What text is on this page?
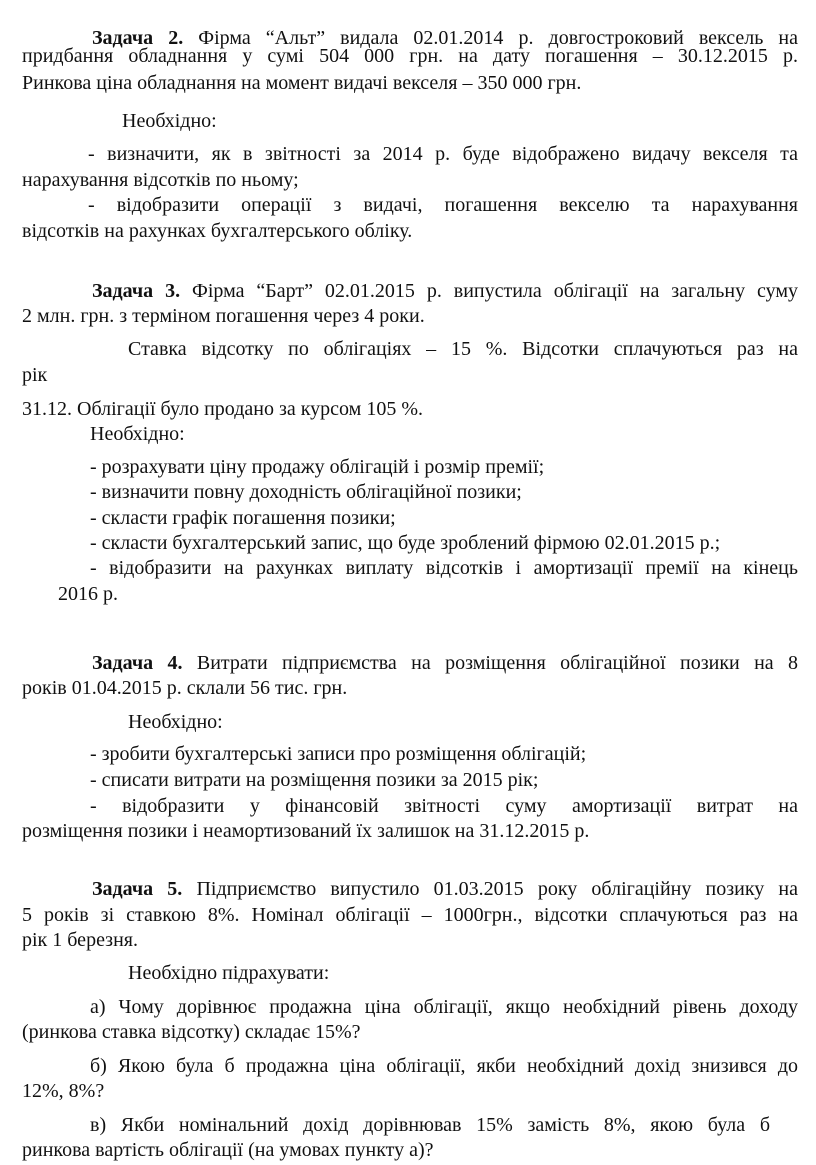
Задача 2. Фірма “Альт” видала 02.01.2014 р. довгостроковий вексель на
придбання обладнання у сумі 504 000 грн. на дату погашення – 30.12.2015 р.
Ринкова ціна обладнання на момент видачі векселя – 350 000 грн.
Необхідно:
- визначити, як в звітності за 2014 р. буде відображено видачу векселя та
нарахування відсотків по ньому;
- відобразити операції з видачі, погашення векселю та нарахування
відсотків на рахунках бухгалтерського обліку.
Задача 3. Фірма “Барт” 02.01.2015 р. випустила облігації на загальну суму
2 млн. грн. з терміном погашення через 4 роки.
Ставка відсотку по облігаціях – 15 %. Відсотки сплачуються раз на
рік
31.12. Облігації було продано за курсом 105 %.
Необхідно:
- розрахувати ціну продажу облігацій і розмір премії;
- визначити повну доходність облігаційної позики;
- скласти графік погашення позики;
- скласти бухгалтерський запис, що буде зроблений фірмою 02.01.2015 р.;
- відобразити на рахунках виплату відсотків і амортизації премії на кінець
2016 р.
Задача 4. Витрати підприємства на розміщення облігаційної позики на 8
років 01.04.2015 р. склали 56 тис. грн.
Необхідно:
- зробити бухгалтерські записи про розміщення облігацій;
- списати витрати на розміщення позики за 2015 рік;
- відобразити у фінансовій звітності суму амортизації витрат на
розміщення позики і неамортизований їх залишок на 31.12.2015 р.
Задача 5. Підприємство випустило 01.03.2015 року облігаційну позику на
5 років зі ставкою 8%. Номінал облігації – 1000грн., відсотки сплачуються раз на
рік 1 березня.
Необхідно підрахувати:
а) Чому дорівнює продажна ціна облігації, якщо необхідний рівень доходу
(ринкова ставка відсотку) складає 15%?
б) Якою була б продажна ціна облігації, якби необхідний дохід знизився до
12%, 8%?
в) Якби номінальний дохід дорівнював 15% замість 8%, якою була б
ринкова вартість облігації (на умовах пункту а)?
